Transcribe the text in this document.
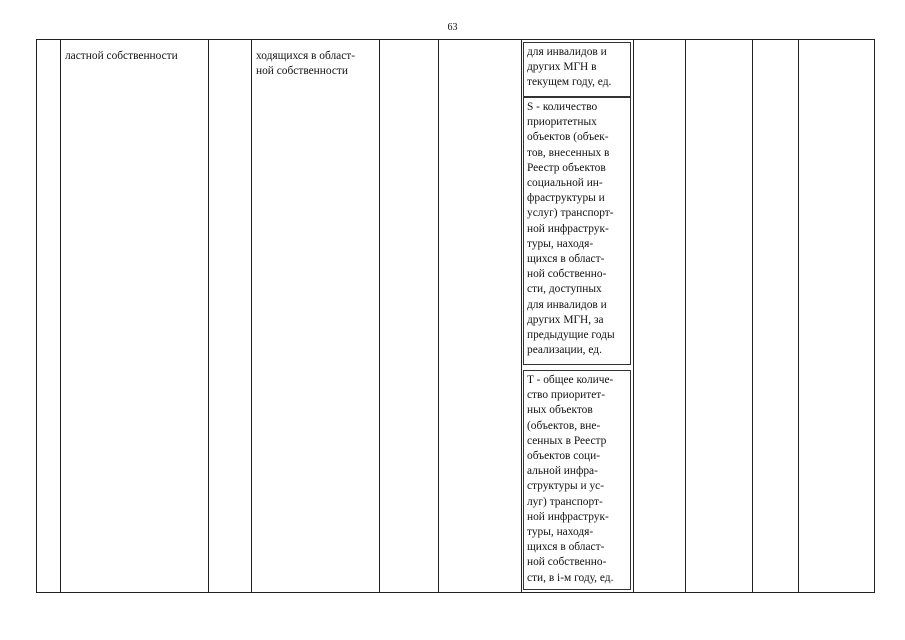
63
ластной собственности	ходящихся в област-
ной собственности
для инвалидов и
других МГН в
текущем году, ед.
S - количество
приоритетных
объектов (объек-
тов, внесенных в
Реестр объектов
социальной ин-
фраструктуры и
услуг) транспорт-
ной инфраструк-
туры, находя-
щихся в област-
ной собственно-
сти, доступных
для инвалидов и
других МГН, за
предыдущие годы
реализации, ед.
T - общее количе-
ство приоритет-
ных объектов
(объектов, вне-
сенных в Реестр
объектов соци-
альной инфра-
структуры и ус-
луг) транспорт-
ной инфраструк-
туры, находя-
щихся в област-
ной собственно-
сти, в i-м году, ед.
